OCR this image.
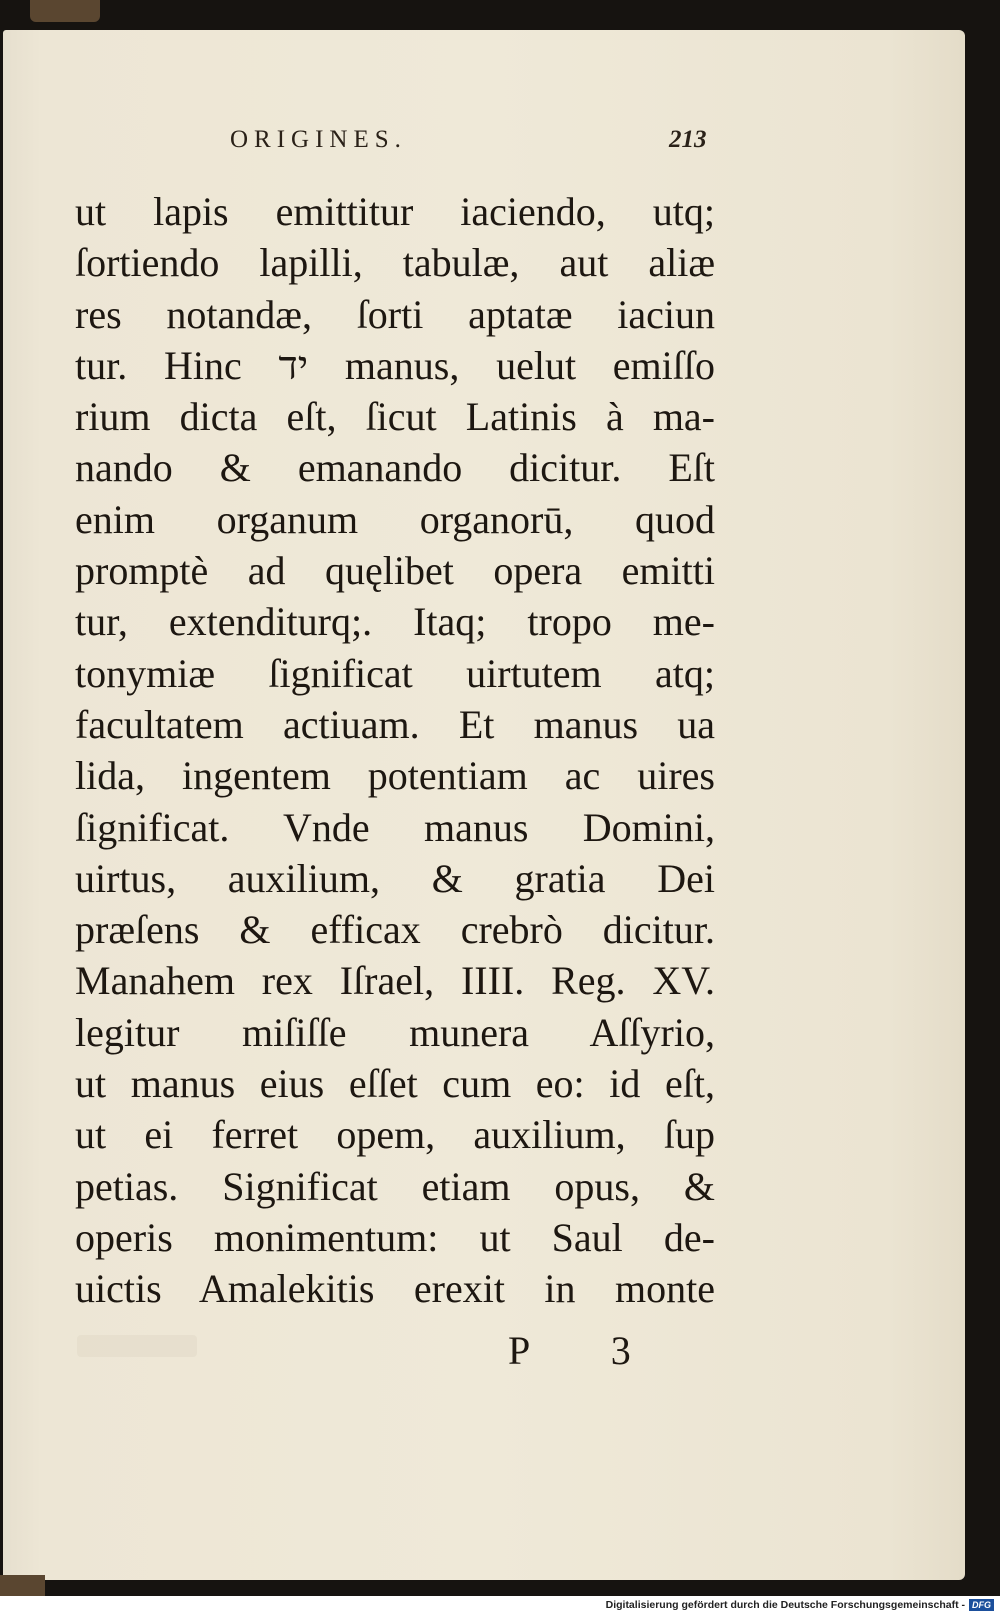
ORIGINES.	213
ut lapis emittitur iaciendo, utq;
ſortiendo lapilli, tabulæ, aut aliæ
res notandæ, ſorti aptatæ iaciun
tur. Hinc יד manus, uelut emiſſo
rium dicta eſt, ſicut Latinis à ma-
nando & emanando dicitur. Eſt
enim organum organorū, quod
promptè ad quęlibet opera emitti
tur, extenditurq;. Itaq; tropo me-
tonymiæ ſignificat uirtutem atq;
facultatem actiuam. Et manus ua
lida, ingentem potentiam ac uires
ſignificat. Vnde manus Domini,
uirtus, auxilium, & gratia Dei
præſens & efficax crebrò dicitur.
Manahem rex Iſrael, IIII. Reg. XV.
legitur miſiſſe munera Aſſyrio,
ut manus eius eſſet cum eo: id eſt,
ut ei ferret opem, auxilium, ſup
petias. Significat etiam opus, &
operis monimentum: ut Saul de-
uictis Amalekitis erexit in monte
P 3
Digitalisierung gefördert durch die Deutsche Forschungsgemeinschaft - DFG
